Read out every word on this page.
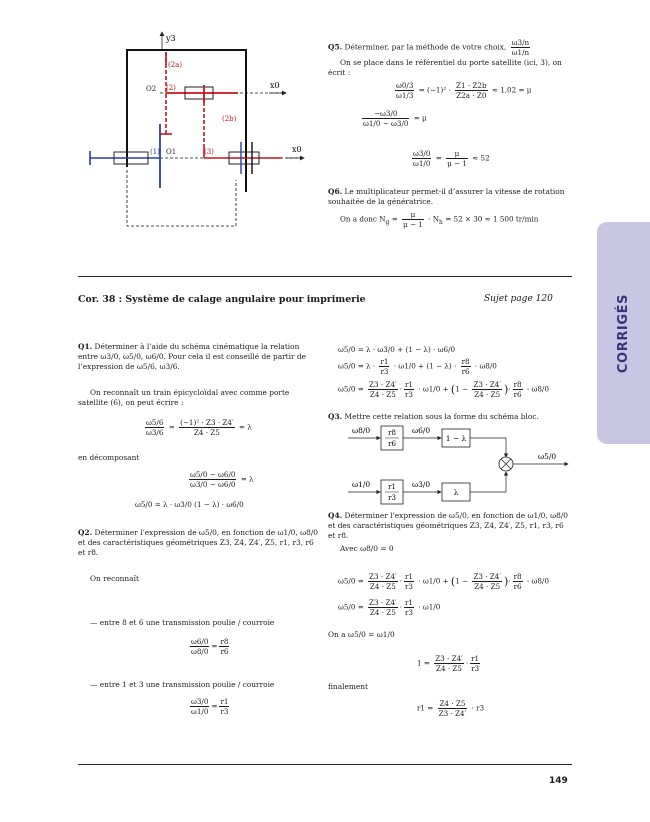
CORRIGÉS
y3
x0
x0
(2a)
(2b)
O2 (2)
(1) O1	(3)
Q5. Déterminer, par la méthode de votre choix, $\frac{\omega 3/n}{\omega 1/n}$
On se place dans le référentiel du porte satellite (ici, 3), on écrit :
$\frac{\omega 0/3}{\omega 1/3} = (-1)^2 \cdot \frac{Z1 \cdot Z2b}{Z2a \cdot Z0} \approx 1,02 = \mu$
$\frac{-\omega 3/0}{\omega 1/0 - \omega 3/0} = \mu$
$\frac{\omega 3/0}{\omega 1/0} = \frac{\mu}{\mu - 1} \approx 52$
Q6. Le multiplicateur permet-il d’assurer la vitesse de rotation souhaitée de la génératrice.
On a donc $N_g = \frac{\mu}{\mu - 1} \cdot N_h = 52 \times 30 \approx 1$ 500 tr/min
Cor. 38 : Système de calage angulaire pour imprimerie	Sujet page 120
Q1. Déterminer à l’aide du schéma cinématique la relation entre ω3/0, ω5/0, ω6/0. Pour cela il est conseillé de partir de l’expression de ω5/6, ω3/6.
On reconnaît un train épicycloïdal avec comme porte satellite (6), on peut écrire :
$\frac{\omega 5/6}{\omega 3/6} = \frac{\text{(−1)² · Z3 · Z4′}}{Z4 \cdot Z5} = \lambda$
en décomposant
$\frac{\omega 5/0 - \omega 6/0}{\omega 3/0 - \omega 6/0} = \lambda$
ω5/0 = λ · ω3/0 (1 − λ) · ω6/0
Q2. Déterminer l’expression de ω5/0, en fonction de ω1/0, ω8/0 et des caractéristiques géométriques Z3, Z4, Z4′, Z5, r1, r3, r6 et r8.
On reconnaît
— entre 8 et 6 une transmission poulie / courroie
$\frac{\omega 6/0}{\omega 8/0} = \frac{r8}{r6}$
— entre 1 et 3 une transmission poulie / courroie
$\frac{\omega 3/0}{\omega 1/0} = \frac{r1}{r3}$
ω5/0 = λ · ω3/0 + (1 − λ) · ω6/0
$\omega 5/0 = \lambda \cdot \frac{r1}{r3} \cdot \omega 1/0 + (1 - \lambda) \cdot \frac{r8}{r6} \cdot \omega 8/0$
$\omega 5/0 = \frac{Z3 \cdot Z4'}{Z4 \cdot Z5} \cdot \frac{r1}{r3} \cdot \omega 1/0 + (1 - \frac{Z3 \cdot Z4'}{Z4 \cdot Z5}$ )· $\frac{r8}{r6} \cdot \omega 8/0$
Q3. Mettre cette relation sous la forme du schéma bloc.
ω8/0	r8
r6
ω6/0
1 − λ
ω5/0
ω1/0	r1
r3
ω3/0
λ
Q4. Déterminer l’expression de ω5/0, en fonction de ω1/0, ω8/0 et des caractéristiques géométriques Z3, Z4, Z4′, Z5, r1, r3, r6 et r8.
Avec ω8/0 = 0
$\omega 5/0 = \frac{Z3 \cdot Z4'}{Z4 \cdot Z5} \cdot \frac{r1}{r3} \cdot \omega 1/0 + (1 - \frac{Z3 \cdot Z4'}{Z4 \cdot Z5}$ )· $\frac{r8}{r6} \cdot \omega 8/0$
$\omega 5/0 = \frac{Z3 \cdot Z4'}{Z4 \cdot Z5} \cdot \frac{r1}{r3} \cdot \omega 1/0$
On a ω5/0 = ω1/0
$1 = \frac{Z3 \cdot Z4'}{Z4 \cdot Z5} \cdot \frac{r1}{r3}$
finalement
$r1 = \frac{Z4 \cdot Z5}{Z3 \cdot Z4'} \cdot r3$
149
